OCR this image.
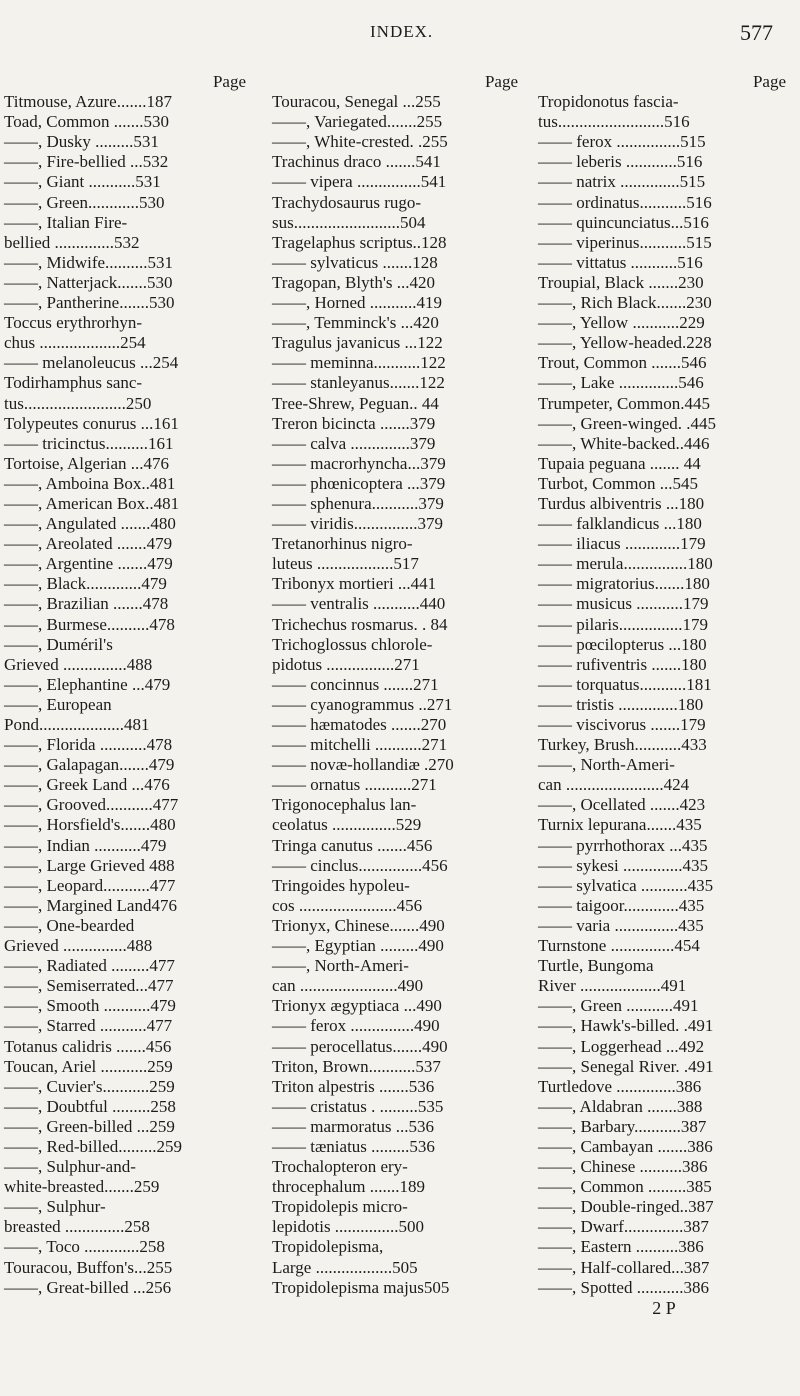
INDEX.	577
Page
Titmouse, Azure.......187
Toad, Common .......530
——, Dusky .........531
——, Fire-bellied ...532
——, Giant ...........531
——, Green............530
——, Italian Fire-
bellied ..............532
——, Midwife..........531
——, Natterjack.......530
——, Pantherine.......530
Toccus erythrorhyn-
chus ...................254
—— melanoleucus ...254
Todirhamphus sanc-
tus........................250
Tolypeutes conurus ...161
—— tricinctus..........161
Tortoise, Algerian ...476
——, Amboina Box..481
——, American Box..481
——, Angulated .......480
——, Areolated .......479
——, Argentine .......479
——, Black.............479
——, Brazilian .......478
——, Burmese..........478
——, Duméril's
Grieved ...............488
——, Elephantine ...479
——, European
Pond....................481
——, Florida ...........478
——, Galapagan.......479
——, Greek Land ...476
——, Grooved...........477
——, Horsfield's.......480
——, Indian ...........479
——, Large Grieved 488
——, Leopard...........477
——, Margined Land476
——, One-bearded
Grieved ...............488
——, Radiated .........477
——, Semiserrated...477
——, Smooth ...........479
——, Starred ...........477
Totanus calidris .......456
Toucan, Ariel ...........259
——, Cuvier's...........259
——, Doubtful .........258
——, Green-billed ...259
——, Red-billed.........259
——, Sulphur-and-
white-breasted.......259
——, Sulphur-
breasted ..............258
——, Toco .............258
Touracou, Buffon's...255
——, Great-billed ...256
Page
Touracou, Senegal ...255
——, Variegated.......255
——, White-crested. .255
Trachinus draco .......541
—— vipera ...............541
Trachydosaurus rugo-
sus.........................504
Tragelaphus scriptus..128
—— sylvaticus .......128
Tragopan, Blyth's ...420
——, Horned ...........419
——, Temminck's ...420
Tragulus javanicus ...122
—— meminna...........122
—— stanleyanus.......122
Tree-Shrew, Peguan.. 44
Treron bicincta .......379
—— calva ..............379
—— macrorhyncha...379
—— phœnicoptera ...379
—— sphenura...........379
—— viridis...............379
Tretanorhinus nigro-
luteus ..................517
Tribonyx mortieri ...441
—— ventralis ...........440
Trichechus rosmarus. . 84
Trichoglossus chlorole-
pidotus ................271
—— concinnus .......271
—— cyanogrammus ..271
—— hæmatodes .......270
—— mitchelli ...........271
—— novæ-hollandiæ .270
—— ornatus ...........271
Trigonocephalus lan-
ceolatus ...............529
Tringa canutus .......456
—— cinclus...............456
Tringoides hypoleu-
cos .......................456
Trionyx, Chinese.......490
——, Egyptian .........490
——, North-Ameri-
can .......................490
Trionyx ægyptiaca ...490
—— ferox ...............490
—— perocellatus.......490
Triton, Brown...........537
Triton alpestris .......536
—— cristatus . .........535
—— marmoratus ...536
—— tæniatus .........536
Trochalopteron ery-
throcephalum .......189
Tropidolepis micro-
lepidotis ...............500
Tropidolepisma,
Large ..................505
Tropidolepisma majus505
Page
Tropidonotus fascia-
tus.........................516
—— ferox ...............515
—— leberis ............516
—— natrix ..............515
—— ordinatus...........516
—— quincunciatus...516
—— viperinus...........515
—— vittatus ...........516
Troupial, Black .......230
——, Rich Black.......230
——, Yellow ...........229
——, Yellow-headed.228
Trout, Common .......546
——, Lake ..............546
Trumpeter, Common.445
——, Green-winged. .445
——, White-backed..446
Tupaia peguana ....... 44
Turbot, Common ...545
Turdus albiventris ...180
—— falklandicus ...180
—— iliacus .............179
—— merula...............180
—— migratorius.......180
—— musicus ...........179
—— pilaris...............179
—— pœcilopterus ...180
—— rufiventris .......180
—— torquatus...........181
—— tristis ..............180
—— viscivorus .......179
Turkey, Brush...........433
——, North-Ameri-
can .......................424
——, Ocellated .......423
Turnix lepurana.......435
—— pyrrhothorax ...435
—— sykesi ..............435
—— sylvatica ...........435
—— taigoor.............435
—— varia ...............435
Turnstone ...............454
Turtle, Bungoma
River ...................491
——, Green ...........491
——, Hawk's-billed. .491
——, Loggerhead ...492
——, Senegal River. .491
Turtledove ..............386
——, Aldabran .......388
——, Barbary...........387
——, Cambayan .......386
——, Chinese ..........386
——, Common .........385
——, Double-ringed..387
——, Dwarf..............387
——, Eastern ..........386
——, Half-collared...387
——, Spotted ...........386
2 P
